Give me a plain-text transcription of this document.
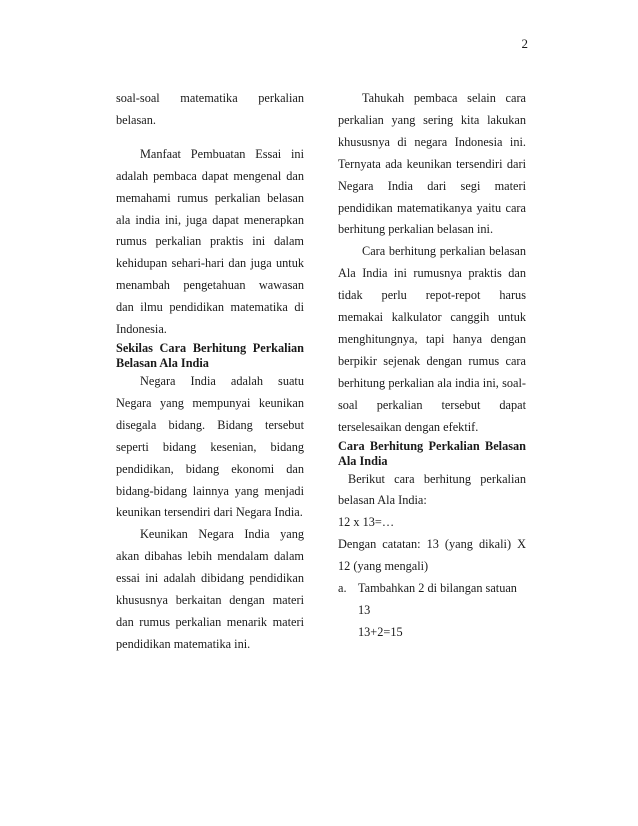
2

soal-soal matematika perkalian belasan.

Manfaat Pembuatan Essai ini adalah pembaca dapat mengenal dan memahami rumus perkalian belasan ala india ini, juga dapat menerapkan rumus perkalian praktis ini dalam kehidupan sehari-hari dan juga untuk menambah pengetahuan wawasan dan ilmu pendidikan matematika di Indonesia.

Sekilas Cara Berhitung Perkalian Belasan Ala India

Negara India adalah suatu Negara yang mempunyai keunikan disegala bidang. Bidang tersebut seperti bidang kesenian, bidang pendidikan, bidang ekonomi dan bidang-bidang lainnya yang menjadi keunikan tersendiri dari Negara India.

Keunikan Negara India yang akan dibahas lebih mendalam dalam essai ini adalah dibidang pendidikan khususnya berkaitan dengan materi dan rumus perkalian menarik materi pendidikan matematika ini.

Tahukah pembaca selain cara perkalian yang sering kita lakukan khususnya di negara Indonesia ini. Ternyata ada keunikan tersendiri dari Negara India dari segi materi pendidikan matematikanya yaitu cara berhitung perkalian belasan ini.

Cara berhitung perkalian belasan Ala India ini rumusnya praktis dan tidak perlu repot-repot harus memakai kalkulator canggih untuk menghitungnya, tapi hanya dengan berpikir sejenak dengan rumus cara berhitung perkalian ala india ini, soal-soal perkalian tersebut dapat terselesaikan dengan efektif.

Cara Berhitung Perkalian Belasan Ala India

Berikut cara berhitung perkalian belasan Ala India:

12 x 13=…

Dengan catatan: 13 (yang dikali) X 12 (yang mengali)

a. Tambahkan 2 di bilangan satuan

13

13+2=15
